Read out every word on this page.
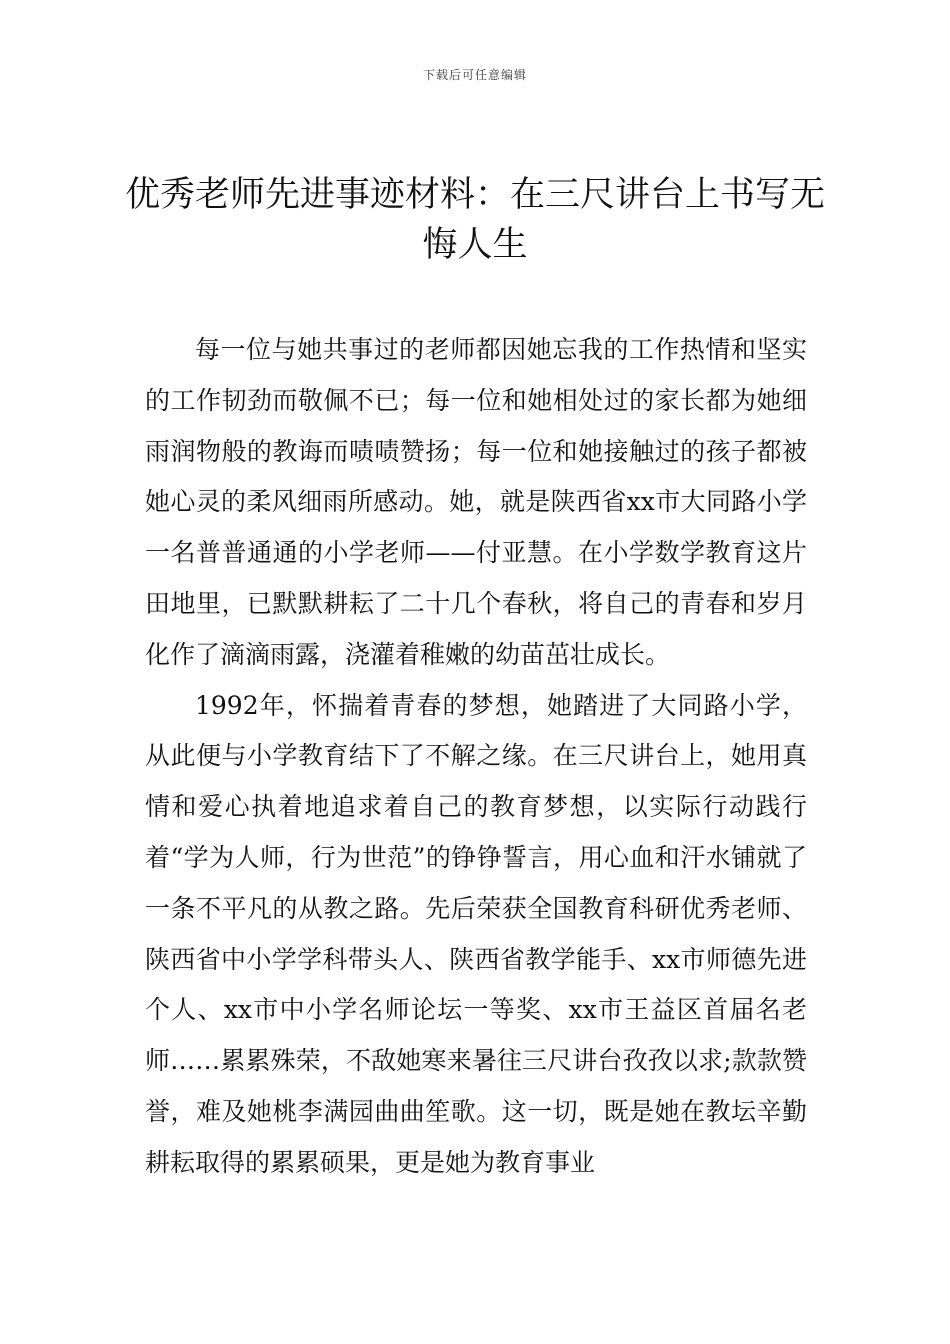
下载后可任意编辑
优秀老师先进事迹材料：在三尺讲台上书写无悔人生

每一位与她共事过的老师都因她忘我的工作热情和坚实的工作韧劲而敬佩不已；每一位和她相处过的家长都为她细雨润物般的教诲而啧啧赞扬；每一位和她接触过的孩子都被她心灵的柔风细雨所感动。她，就是陕西省xx市大同路小学一名普普通通的小学老师——付亚慧。在小学数学教育这片田地里，已默默耕耘了二十几个春秋，将自己的青春和岁月化作了滴滴雨露，浇灌着稚嫩的幼苗茁壮成长。

1992年，怀揣着青春的梦想，她踏进了大同路小学，从此便与小学教育结下了不解之缘。在三尺讲台上，她用真情和爱心执着地追求着自己的教育梦想，以实际行动践行着“学为人师，行为世范”的铮铮誓言，用心血和汗水铺就了一条不平凡的从教之路。先后荣获全国教育科研优秀老师、陕西省中小学学科带头人、陕西省教学能手、xx市师德先进个人、xx市中小学名师论坛一等奖、xx市王益区首届名老师……累累殊荣，不敌她寒来暑往三尺讲台孜孜以求;款款赞誉，难及她桃李满园曲曲笙歌。这一切，既是她在教坛辛勤耕耘取得的累累硕果，更是她为教育事业
